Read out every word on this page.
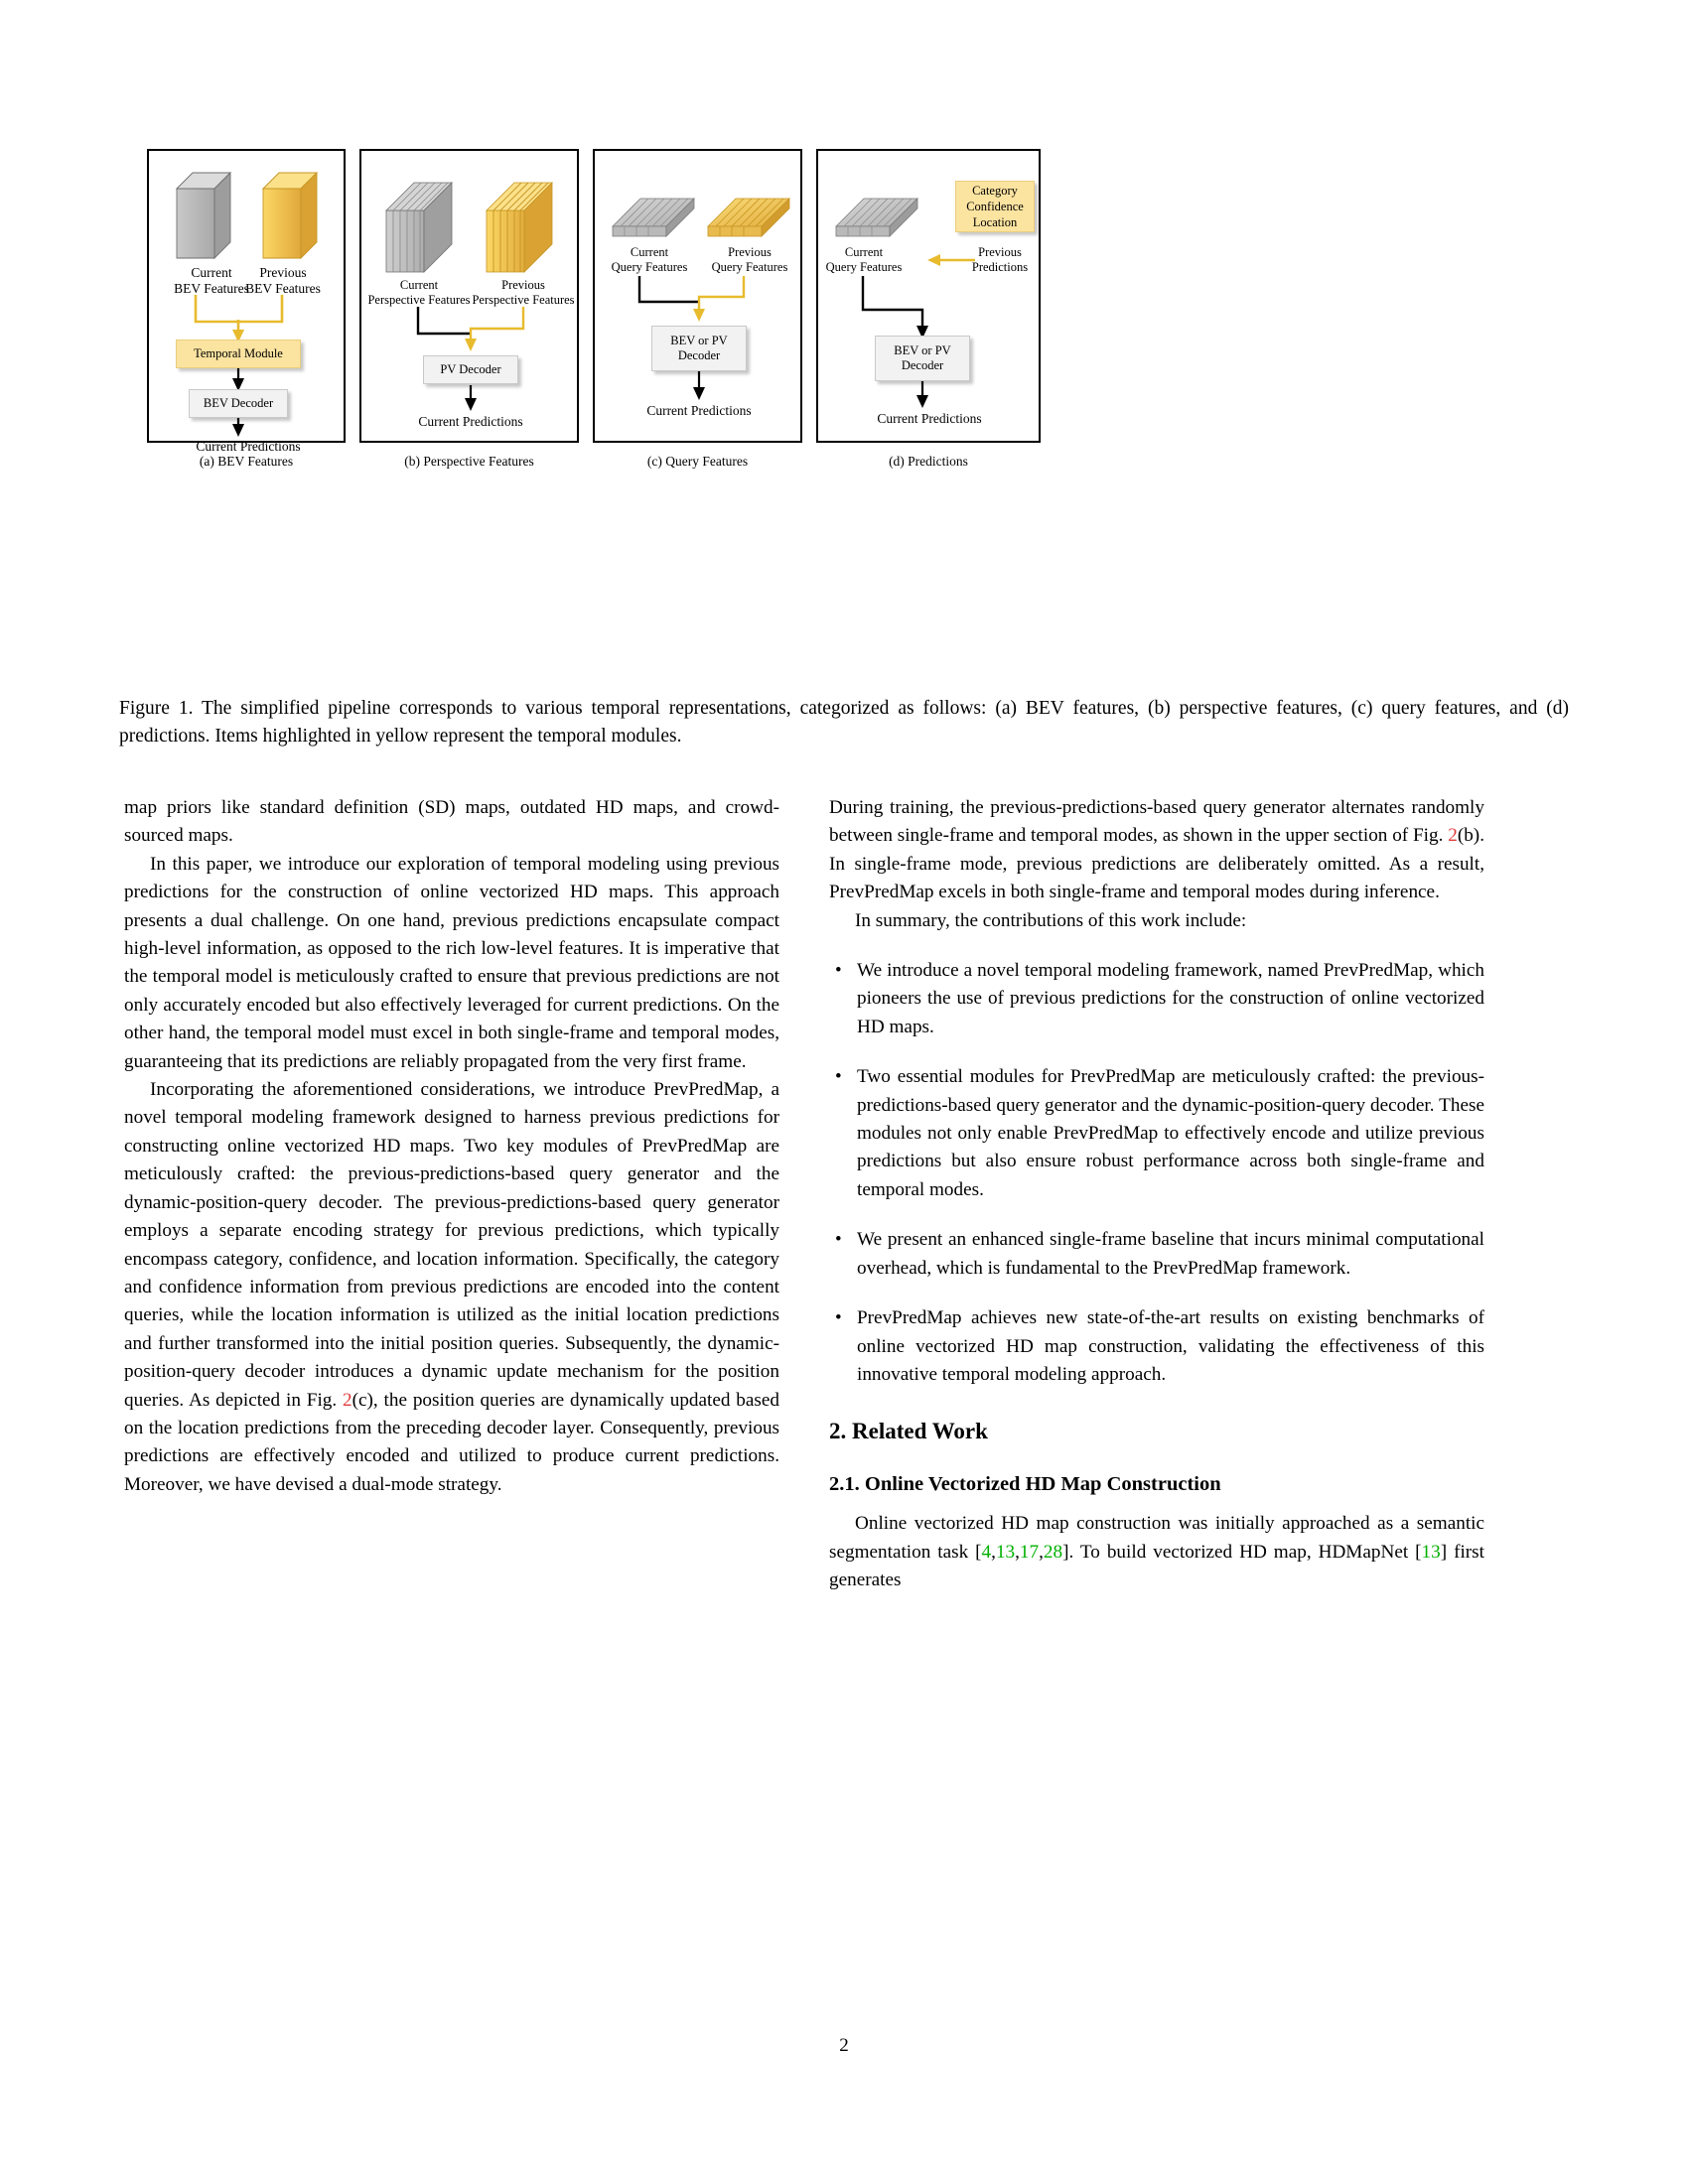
Current
BEV Features
Previous
BEV Features
Temporal Module
BEV Decoder
Current Predictions
Current
Perspective Features
Previous
Perspective Features
PV Decoder
Current Predictions
Current
Query Features
Previous
Query Features
BEV or PV
Decoder
Current Predictions
Category
Confidence
Location
Current
Query Features
Previous
Predictions
BEV or PV
Decoder
Current Predictions
(a) BEV Features	(b) Perspective Features	(c) Query Features	(d) Predictions
Figure 1. The simplified pipeline corresponds to various temporal representations, categorized as follows: (a) BEV features, (b) perspective features, (c) query features, and (d) predictions. Items highlighted in yellow represent the temporal modules.

map priors like standard definition (SD) maps, outdated HD maps, and crowd-sourced maps.

In this paper, we introduce our exploration of temporal modeling using previous predictions for the construction of online vectorized HD maps. This approach presents a dual challenge. On one hand, previous predictions encapsulate compact high-level information, as opposed to the rich low-level features. It is imperative that the temporal model is meticulously crafted to ensure that previous predictions are not only accurately encoded but also effectively leveraged for current predictions. On the other hand, the temporal model must excel in both single-frame and temporal modes, guaranteeing that its predictions are reliably propagated from the very first frame.

Incorporating the aforementioned considerations, we introduce PrevPredMap, a novel temporal modeling framework designed to harness previous predictions for constructing online vectorized HD maps. Two key modules of PrevPredMap are meticulously crafted: the previous-predictions-based query generator and the dynamic-position-query decoder. The previous-predictions-based query generator employs a separate encoding strategy for previous predictions, which typically encompass category, confidence, and location information. Specifically, the category and confidence information from previous predictions are encoded into the content queries, while the location information is utilized as the initial location predictions and further transformed into the initial position queries. Subsequently, the dynamic-position-query decoder introduces a dynamic update mechanism for the position queries. As depicted in Fig. 2(c), the position queries are dynamically updated based on the location predictions from the preceding decoder layer. Consequently, previous predictions are effectively encoded and utilized to produce current predictions. Moreover, we have devised a dual-mode strategy.

During training, the previous-predictions-based query generator alternates randomly between single-frame and temporal modes, as shown in the upper section of Fig. 2(b). In single-frame mode, previous predictions are deliberately omitted. As a result, PrevPredMap excels in both single-frame and temporal modes during inference.

In summary, the contributions of this work include:

• We introduce a novel temporal modeling framework, named PrevPredMap, which pioneers the use of previous predictions for the construction of online vectorized HD maps.
• Two essential modules for PrevPredMap are meticulously crafted: the previous-predictions-based query generator and the dynamic-position-query decoder. These modules not only enable PrevPredMap to effectively encode and utilize previous predictions but also ensure robust performance across both single-frame and temporal modes.
• We present an enhanced single-frame baseline that incurs minimal computational overhead, which is fundamental to the PrevPredMap framework.
• PrevPredMap achieves new state-of-the-art results on existing benchmarks of online vectorized HD map construction, validating the effectiveness of this innovative temporal modeling approach.
2. Related Work
2.1. Online Vectorized HD Map Construction

Online vectorized HD map construction was initially approached as a semantic segmentation task [4,13,17,28]. To build vectorized HD map, HDMapNet [13] first generates

2
